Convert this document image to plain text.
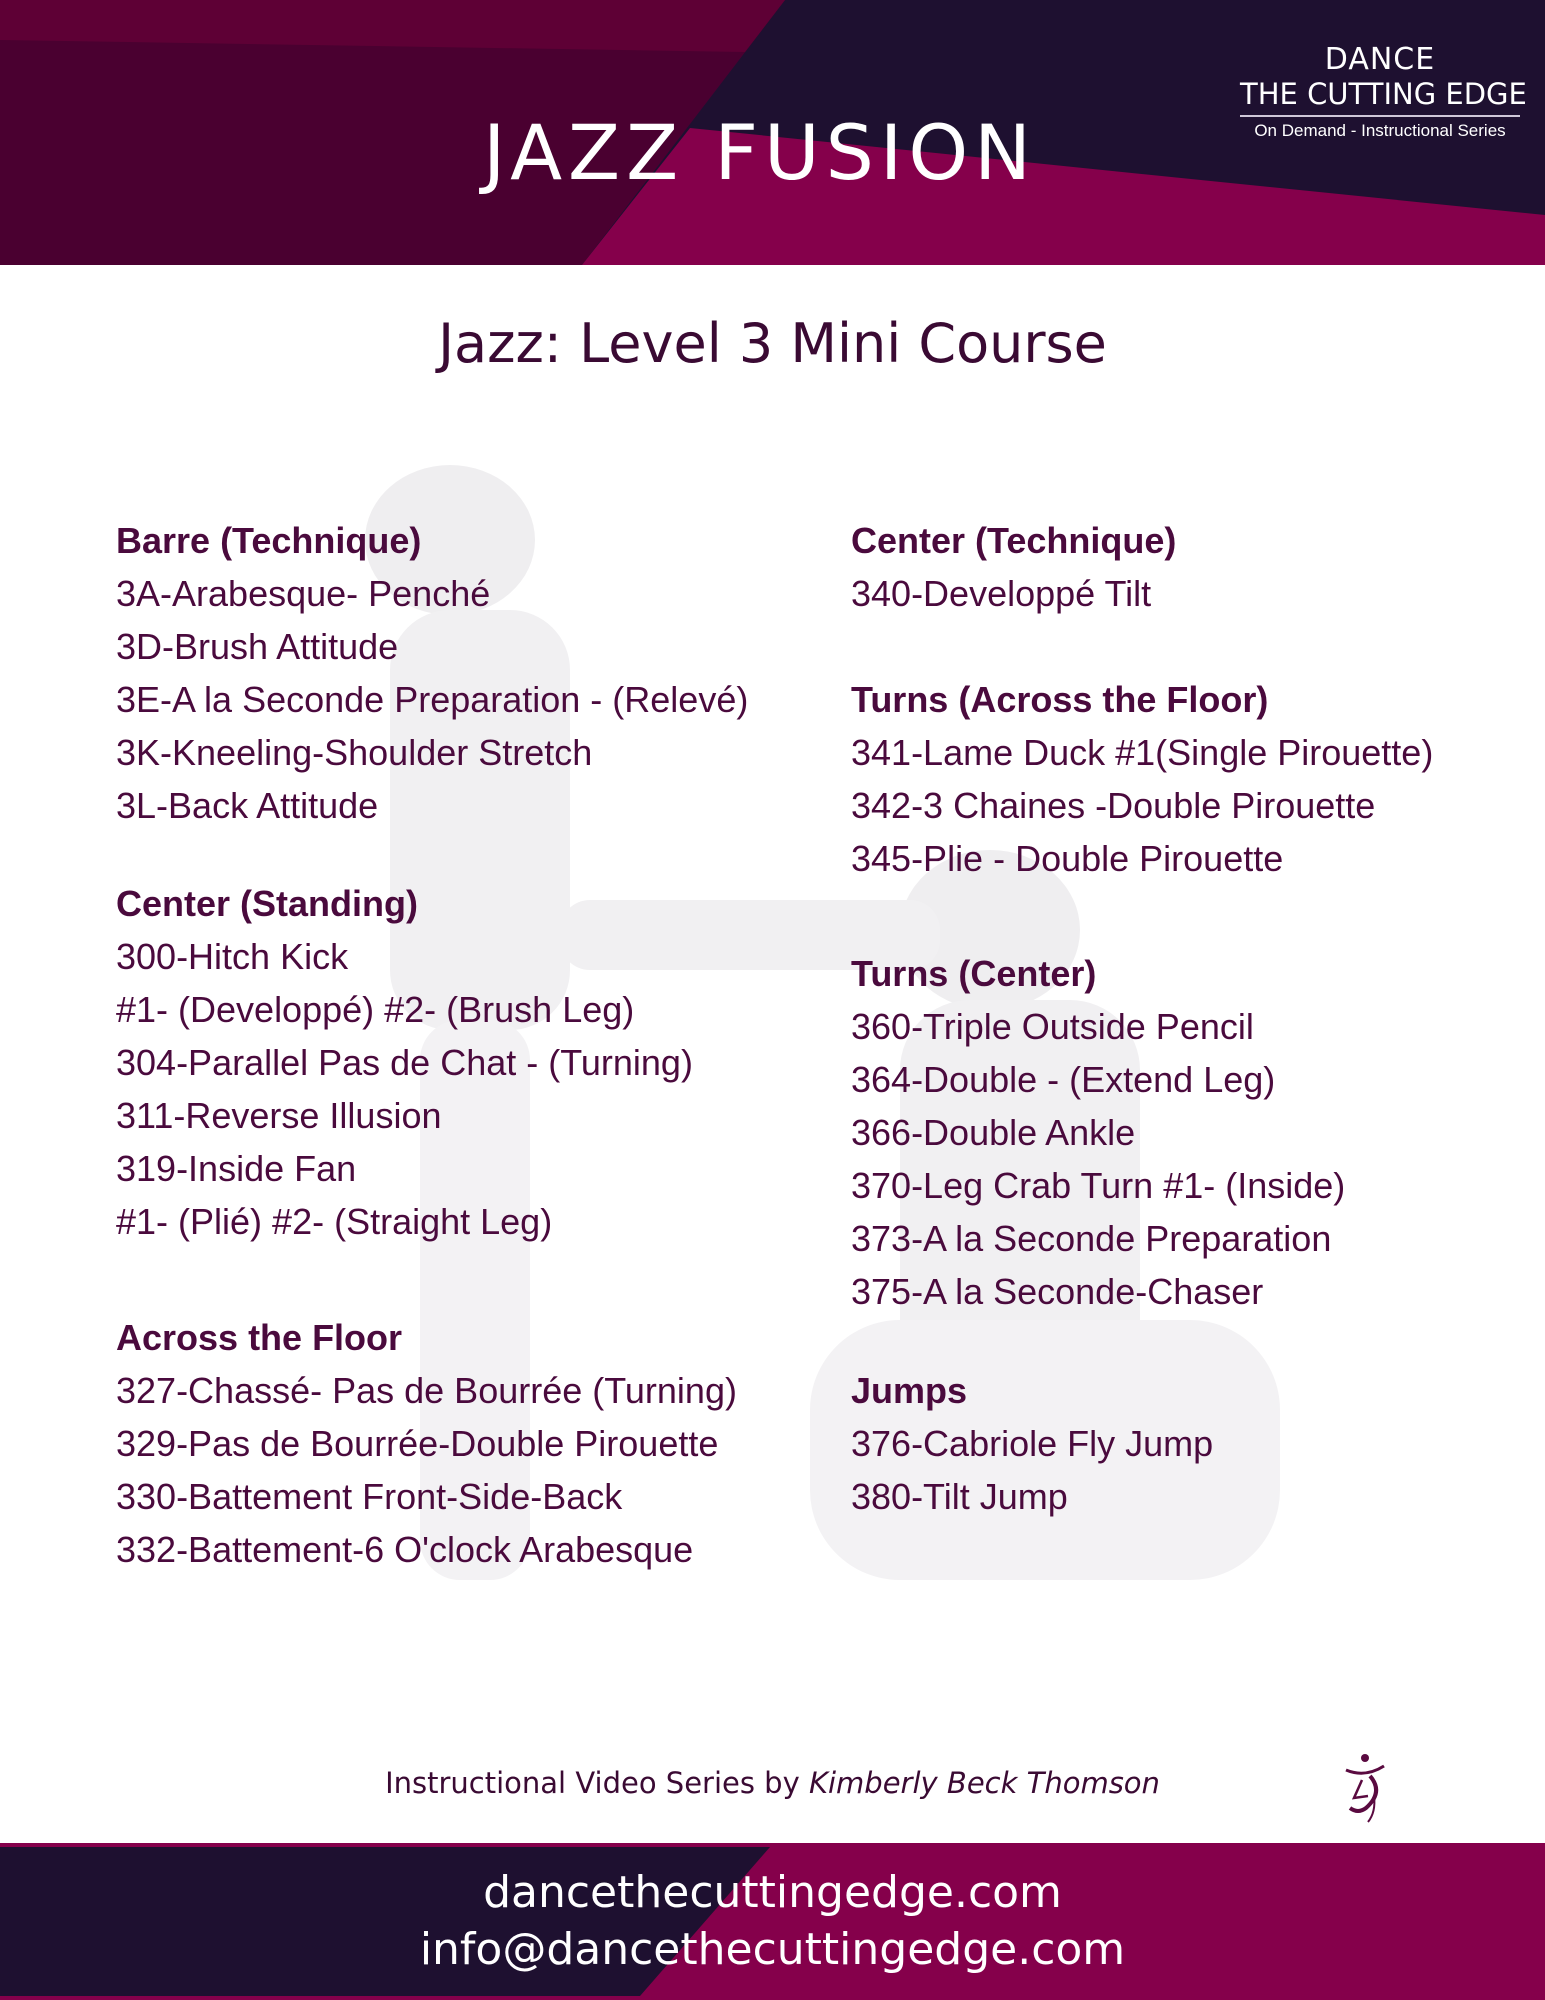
JAZZ FUSION
DANCE
THE CUTTING EDGE
On Demand - Instructional Series
Jazz: Level 3 Mini Course
Barre (Technique)
3A-Arabesque- Penché
3D-Brush Attitude
3E-A la Seconde Preparation - (Relevé)
3K-Kneeling-Shoulder Stretch
3L-Back Attitude
Center (Standing)
300-Hitch Kick
#1- (Developpé) #2- (Brush Leg)
304-Parallel Pas de Chat - (Turning)
311-Reverse Illusion
319-Inside Fan
#1- (Plié) #2- (Straight Leg)
Across the Floor
327-Chassé- Pas de Bourrée (Turning)
329-Pas de Bourrée-Double Pirouette
330-Battement Front-Side-Back
332-Battement-6 O'clock Arabesque
Center (Technique)
340-Developpé Tilt
Turns (Across the Floor)
341-Lame Duck #1(Single Pirouette)
342-3 Chaines -Double Pirouette
345-Plie - Double Pirouette
Turns (Center)
360-Triple Outside Pencil
364-Double - (Extend Leg)
366-Double Ankle
370-Leg Crab Turn #1- (Inside)
373-A la Seconde Preparation
375-A la Seconde-Chaser
Jumps
376-Cabriole Fly Jump
380-Tilt Jump
Instructional Video Series by Kimberly Beck Thomson
dancethecuttingedge.com
info@dancethecuttingedge.com
